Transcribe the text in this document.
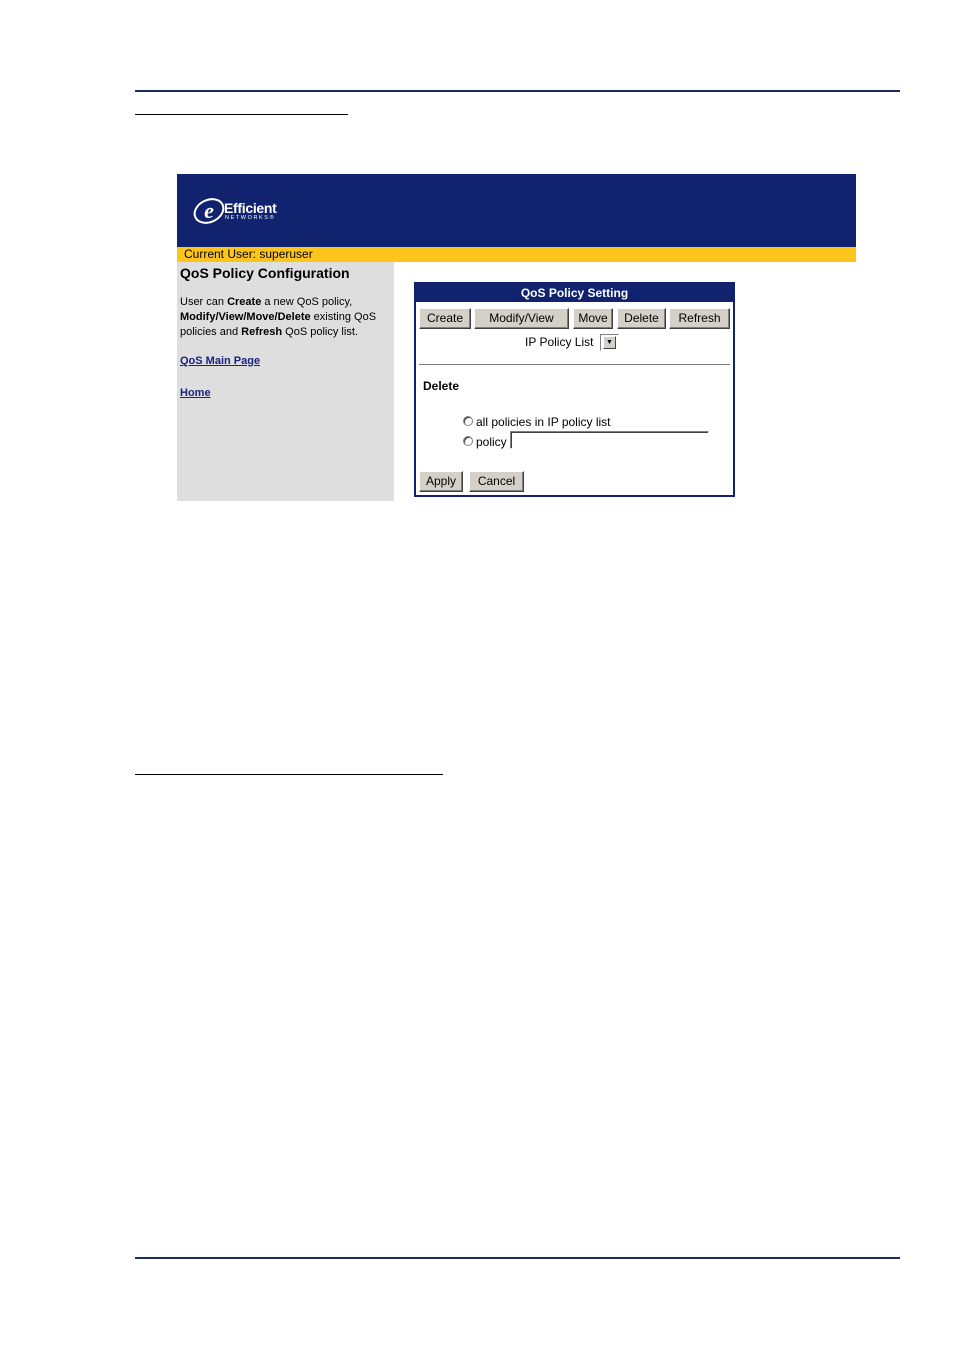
e Efficient
NETWORKS®
Current User: superuser
QoS Policy Configuration
User can Create a new QoS policy, Modify/View/Move/Delete existing QoS policies and Refresh QoS policy list.
QoS Main Page
Home
QoS Policy Setting
Create	Modify/View	Move	Delete	Refresh
IP Policy List	▼
Delete
all policies in IP policy list
policy
Apply	Cancel
